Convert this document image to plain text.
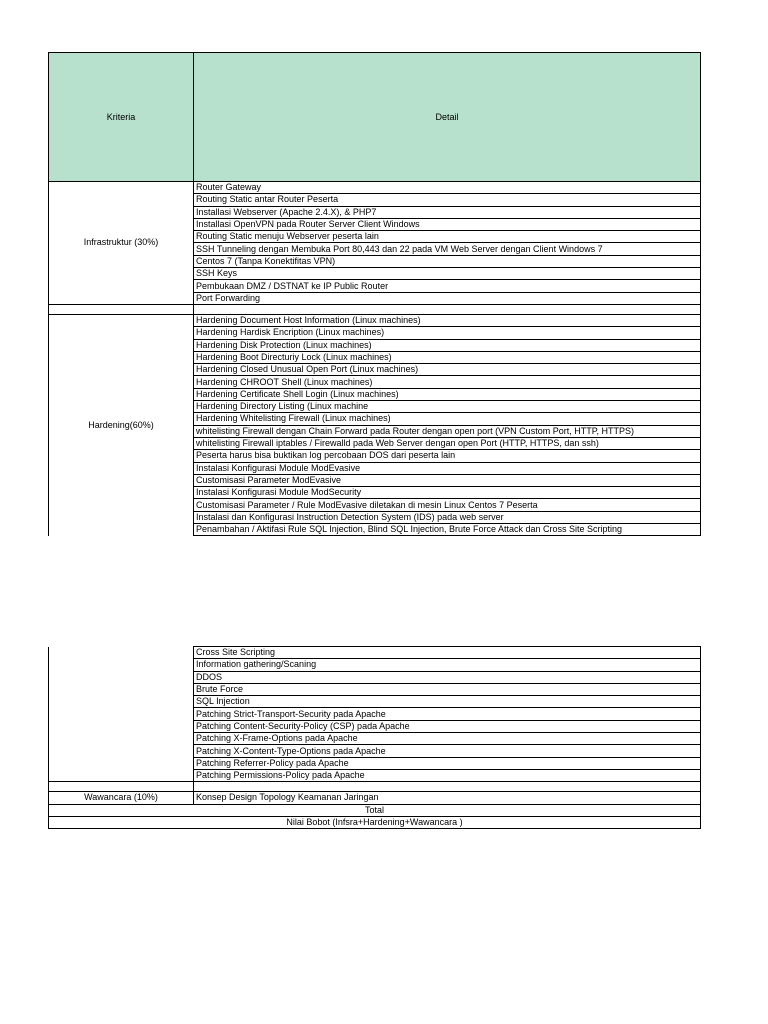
Kriteria	Detail
Infrastruktur (30%)	Router Gateway
	Routing Static antar Router Peserta
	Installasi Webserver (Apache 2.4.X), & PHP7
	Installasi OpenVPN pada Router Server Client Windows
	Routing Static menuju Webserver peserta lain
	SSH Tunneling dengan Membuka Port 80,443 dan 22 pada VM Web Server dengan Client Windows 7
	Centos 7 (Tanpa Konektifitas VPN)
	SSH Keys
	Pembukaan DMZ / DSTNAT ke IP Public Router
	Port Forwarding

Hardening(60%)	Hardening Document Host Information (Linux machines)
	Hardening Hardisk Encription (Linux machines)
	Hardening Disk Protection (Linux machines)
	Hardening Boot Directuriy Lock (Linux machines)
	Hardening Closed Unusual Open Port (Linux machines)
	Hardening CHROOT Shell (Linux machines)
	Hardening Certificate Shell Login (Linux machines)
	Hardening Directory Listing (Linux machine
	Hardening Whitelisting Firewall (Linux machines)
	whitelisting Firewall dengan Chain Forward pada Router dengan open port (VPN Custom Port, HTTP, HTTPS)
	whitelisting Firewall iptables / Firewalld pada Web Server dengan open Port (HTTP, HTTPS, dan ssh)
	Peserta harus bisa buktikan log percobaan DOS dari peserta lain
	Instalasi Konfigurasi Module ModEvasive
	Customisasi Parameter ModEvasive
	Instalasi Konfigurasi Module ModSecurity
	Customisasi Parameter / Rule ModEvasive diletakan di mesin Linux Centos 7 Peserta
	Instalasi dan Konfigurasi Instruction Detection System (IDS) pada web server
	Penambahan / Aktifasi Rule SQL Injection, Blind SQL Injection, Brute Force Attack dan Cross Site Scripting
	Cross Site Scripting
	Information gathering/Scaning
	DDOS
	Brute Force
	SQL Injection
	Patching Strict-Transport-Security pada Apache
	Patching Content-Security-Policy (CSP) pada Apache
	Patching X-Frame-Options pada Apache
	Patching X-Content-Type-Options pada Apache
	Patching Referrer-Policy pada Apache
	Patching Permissions-Policy pada Apache

Wawancara (10%)	Konsep Design Topology Keamanan Jaringan
Total	
Nilai Bobot (Infsra+Hardening+Wawancara )	
